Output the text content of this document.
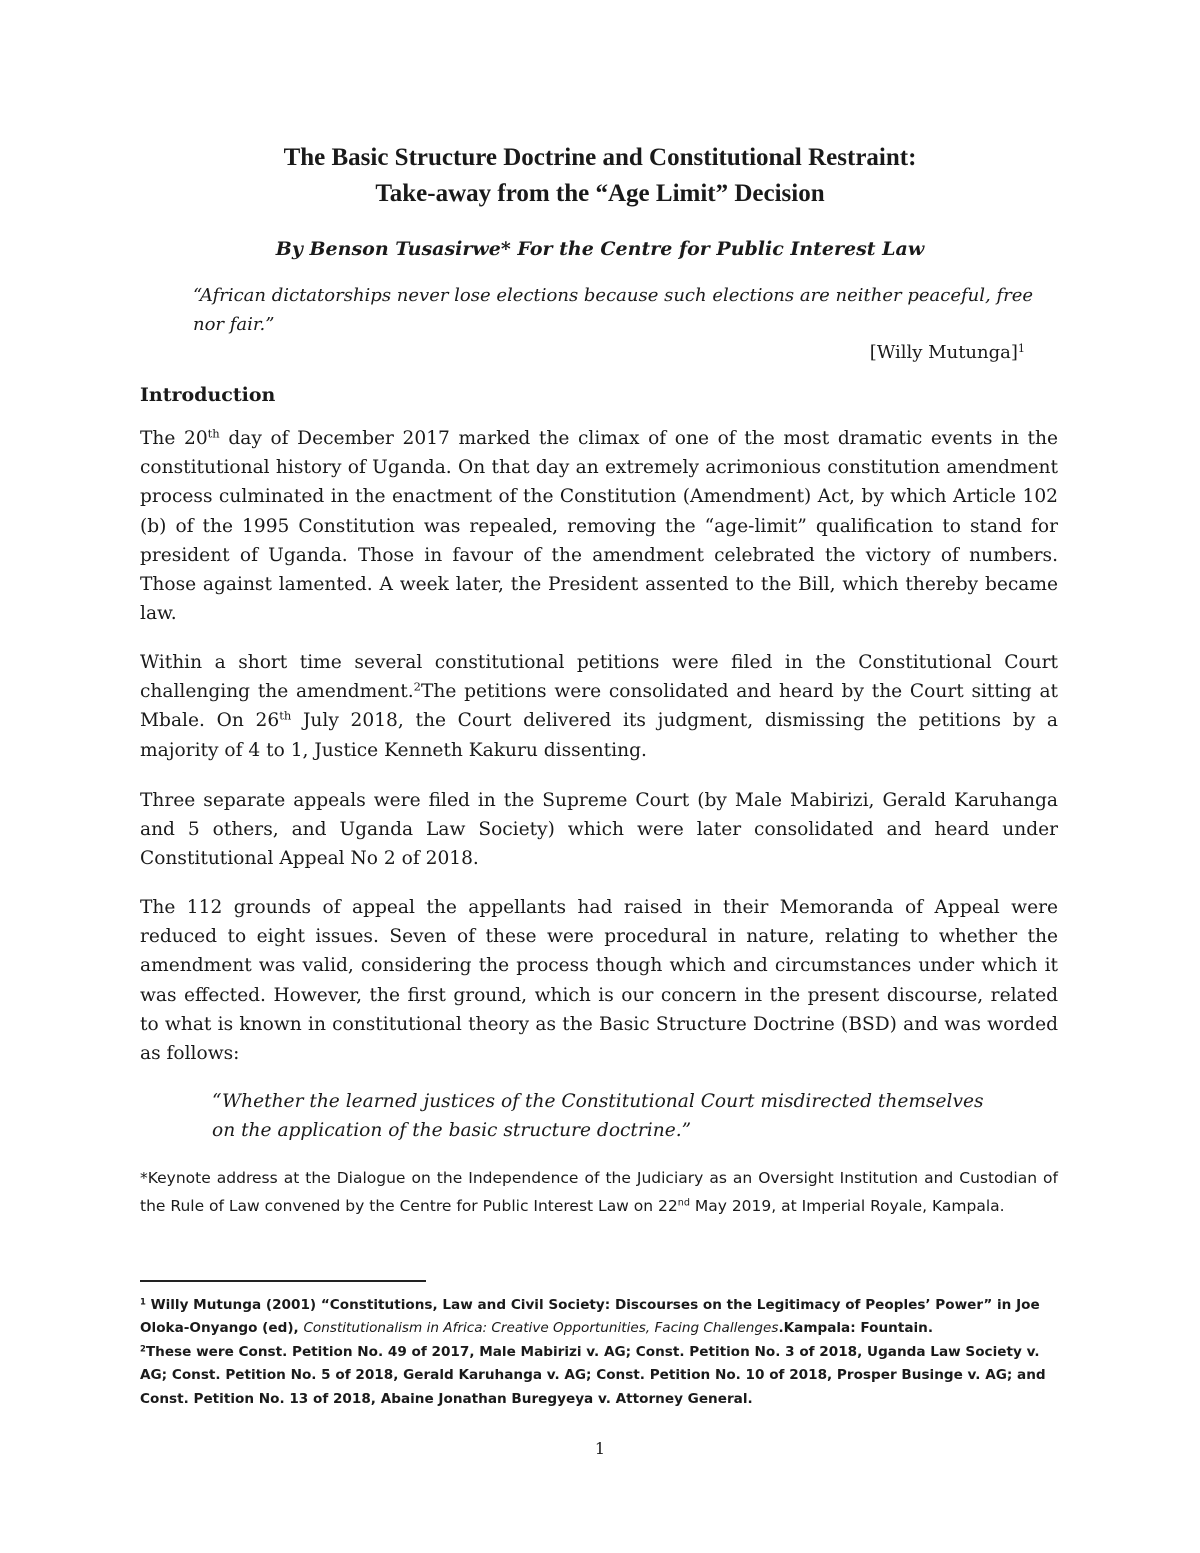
The Basic Structure Doctrine and Constitutional Restraint:
Take-away from the “Age Limit” Decision
By Benson Tusasirwe* For the Centre for Public Interest Law
“African dictatorships never lose elections because such elections are neither peaceful, free nor fair.”
[Willy Mutunga]$^1$
Introduction
The 20th day of December 2017 marked the climax of one of the most dramatic events in the constitutional history of Uganda. On that day an extremely acrimonious constitution amendment process culminated in the enactment of the Constitution (Amendment) Act, by which Article 102 (b) of the 1995 Constitution was repealed, removing the “age-limit” qualification to stand for president of Uganda. Those in favour of the amendment celebrated the victory of numbers. Those against lamented. A week later, the President assented to the Bill, which thereby became law.
Within a short time several constitutional petitions were filed in the Constitutional Court challenging the amendment.$^2$The petitions were consolidated and heard by the Court sitting at Mbale. On 26th July 2018, the Court delivered its judgment, dismissing the petitions by a majority of 4 to 1, Justice Kenneth Kakuru dissenting.
Three separate appeals were filed in the Supreme Court (by Male Mabirizi, Gerald Karuhanga and 5 others, and Uganda Law Society) which were later consolidated and heard under Constitutional Appeal No 2 of 2018.
The 112 grounds of appeal the appellants had raised in their Memoranda of Appeal were reduced to eight issues. Seven of these were procedural in nature, relating to whether the amendment was valid, considering the process though which and circumstances under which it was effected. However, the first ground, which is our concern in the present discourse, related to what is known in constitutional theory as the Basic Structure Doctrine (BSD) and was worded as follows:
“Whether the learned justices of the Constitutional Court misdirected themselves
on the application of the basic structure doctrine.”
*Keynote address at the Dialogue on the Independence of the Judiciary as an Oversight Institution and Custodian of the Rule of Law convened by the Centre for Public Interest Law on 22nd May 2019, at Imperial Royale, Kampala.

$^1$ Willy Mutunga (2001) “Constitutions, Law and Civil Society: Discourses on the Legitimacy of Peoples’ Power” in Joe Oloka-Onyango (ed), Constitutionalism in Africa: Creative Opportunities, Facing Challenges.Kampala: Fountain.

$^2$These were Const. Petition No. 49 of 2017, Male Mabirizi v. AG; Const. Petition No. 3 of 2018, Uganda Law Society v. AG; Const. Petition No. 5 of 2018, Gerald Karuhanga v. AG; Const. Petition No. 10 of 2018, Prosper Businge v. AG; and Const. Petition No. 13 of 2018, Abaine Jonathan Buregyeya v. Attorney General.

1
